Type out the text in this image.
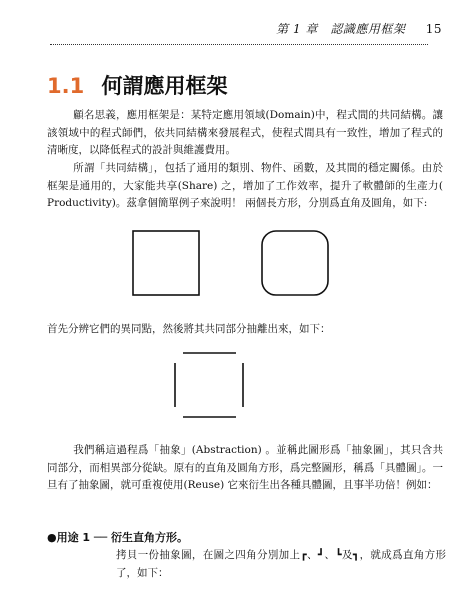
第 1 章　認識應用框架 15
1.1 何謂應用框架

顧名思義，應用框架是：某特定應用領域(Domain)中，程式間的共同結構。讓該領域中的程式師們，依共同結構來發展程式，使程式間具有一致性，增加了程式的清晰度，以降低程式的設計與維護費用。

所謂「共同結構」，包括了通用的類別、物件、函數，及其間的穩定關係。由於框架是通用的，大家能共享(Share) 之，增加了工作效率，提升了軟體師的生產力( Productivity)。茲拿個簡單例子來說明！ 兩個長方形，分別爲直角及圓角，如下:

首先分辨它們的異同點，然後將其共同部分抽離出來，如下：

我們稱這過程爲「抽象」(Abstraction) 。並稱此圖形爲「抽象圖」，其只含共同部分，而相異部分從缺。原有的直角及圓角方形，爲完整圖形，稱爲「具體圖」。一旦有了抽象圖，就可重複使用(Reuse) 它來衍生出各種具體圖，且事半功倍！例如：

●用途 1 ── 衍生直角方形。

拷貝一份抽象圖，在圖之四角分別加上┏、┛、┗及┓，就成爲直角方形了，如下：
